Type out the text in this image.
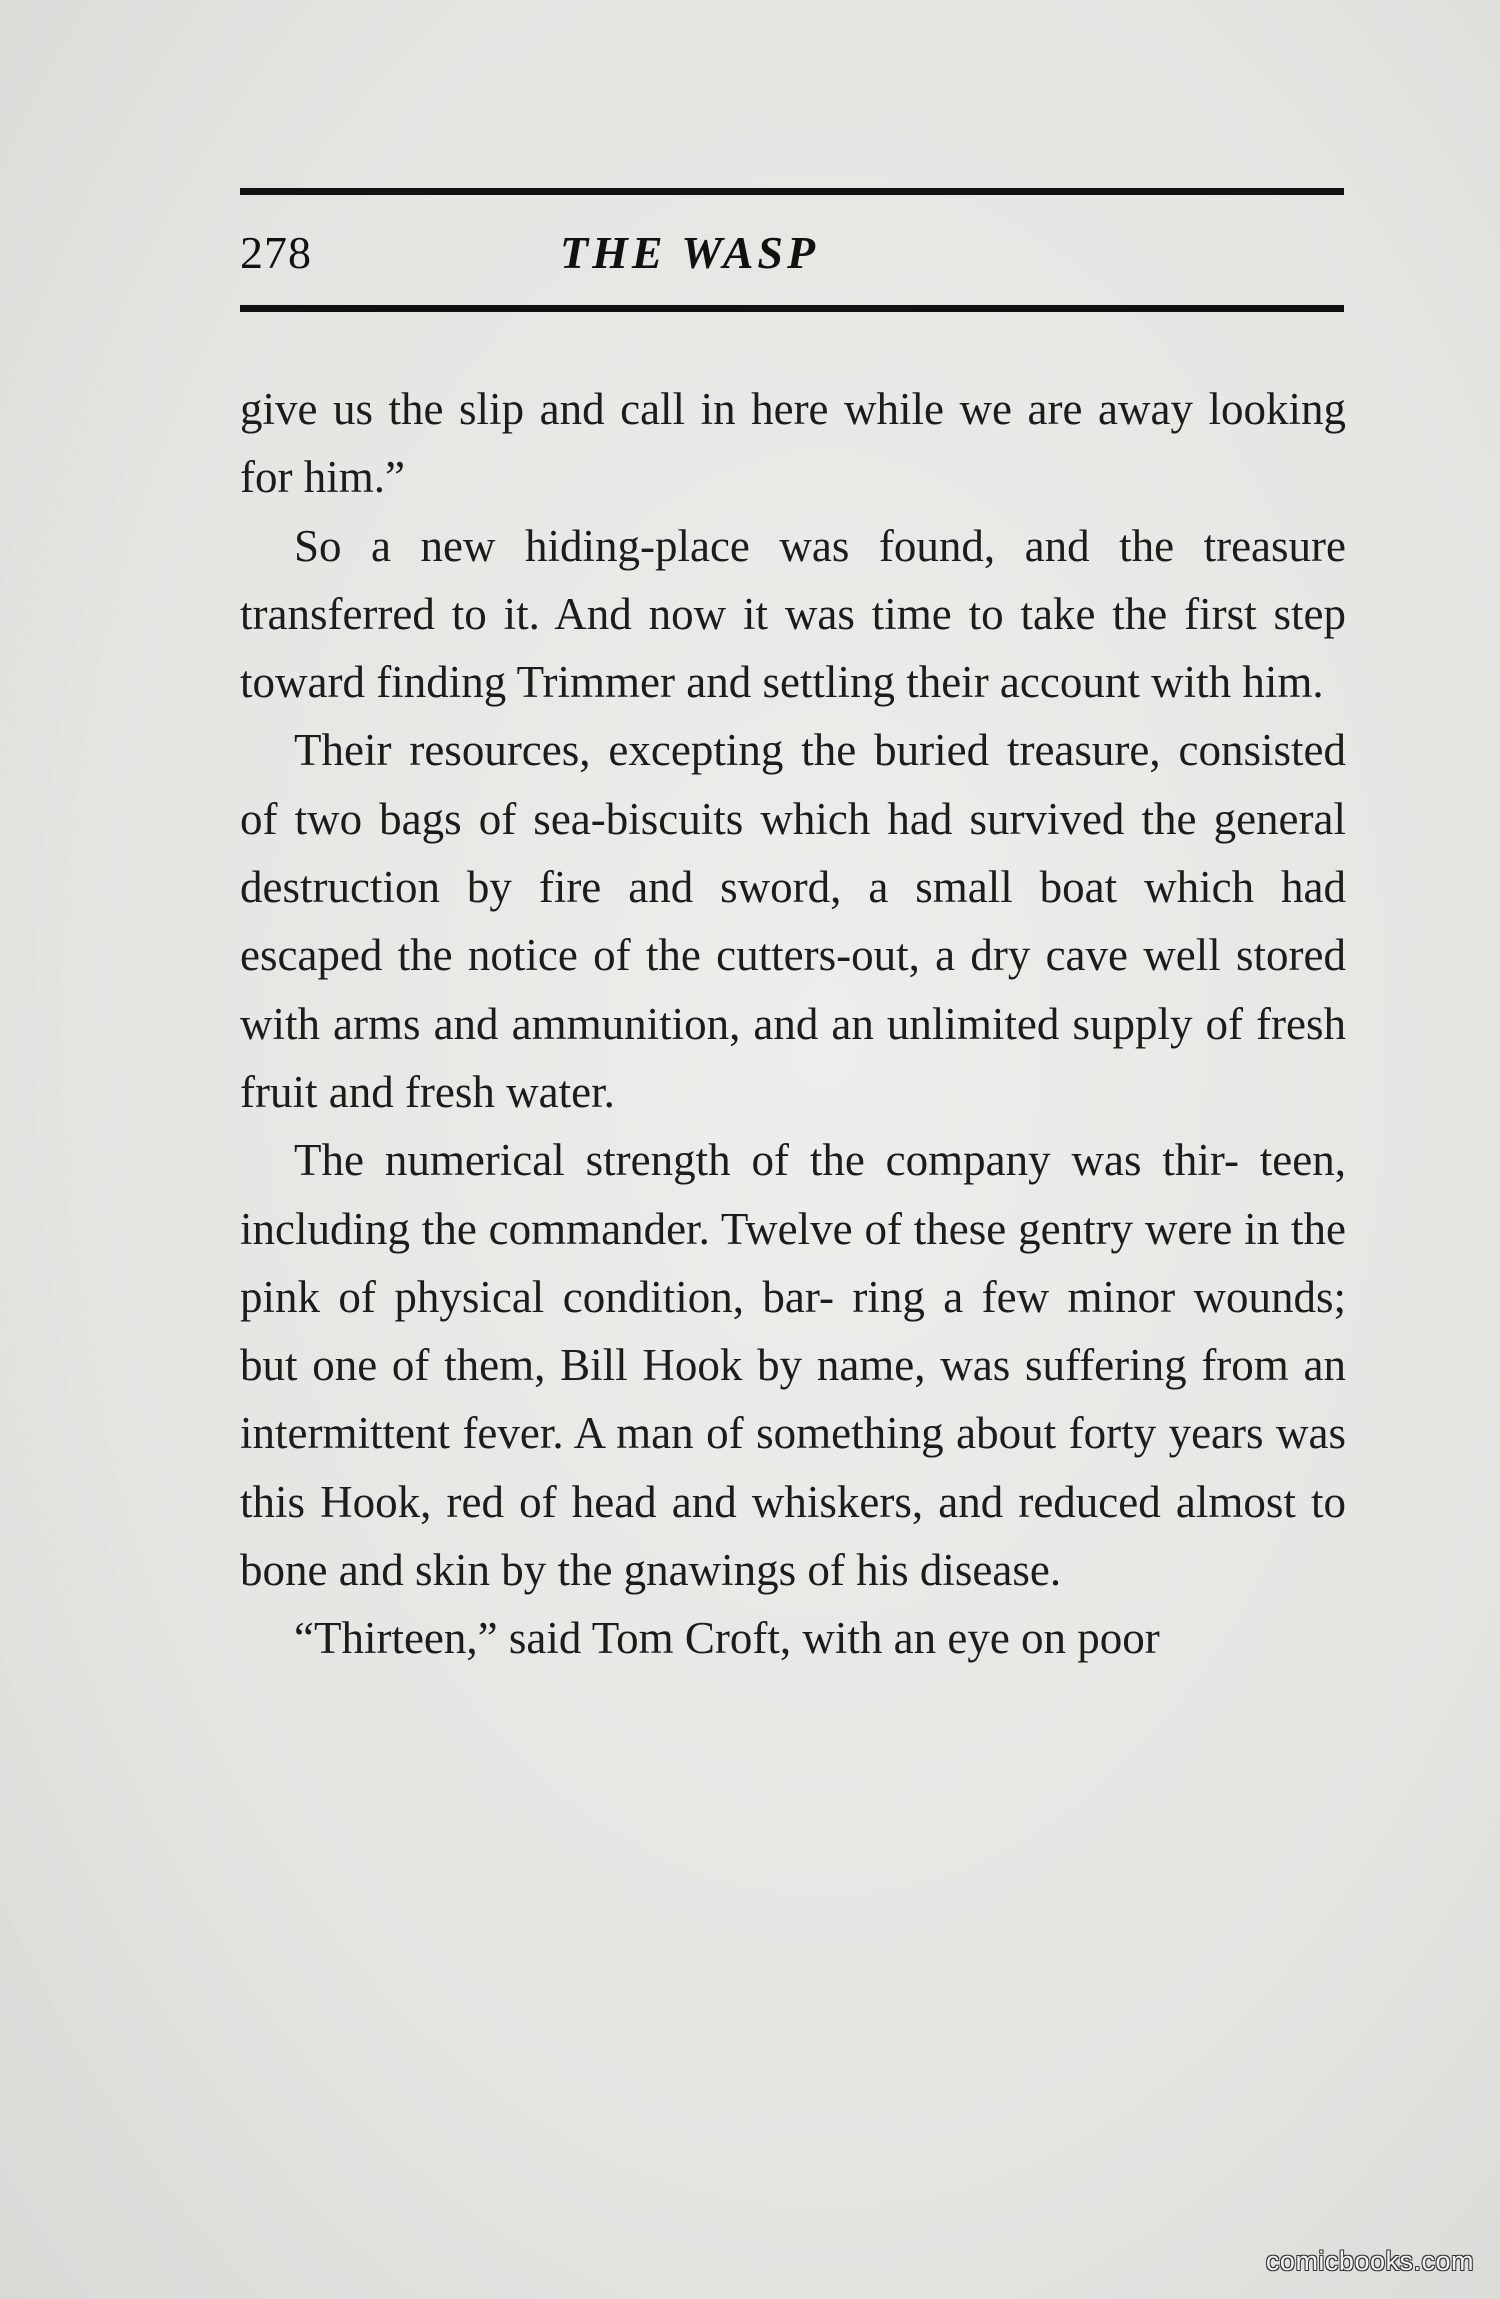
278	THE WASP

give us the slip and call in here while we are away looking for him.”

So a new hiding-place was found, and the treasure transferred to it. And now it was time to take the first step toward finding Trimmer and settling their account with him.

Their resources, excepting the buried treasure, consisted of two bags of sea-biscuits which had survived the general destruction by fire and sword, a small boat which had escaped the notice of the cutters-out, a dry cave well stored with arms and ammunition, and an unlimited supply of fresh fruit and fresh water.

The numerical strength of the company was thir- teen, including the commander. Twelve of these gentry were in the pink of physical condition, bar- ring a few minor wounds; but one of them, Bill Hook by name, was suffering from an intermittent fever. A man of something about forty years was this Hook, red of head and whiskers, and reduced almost to bone and skin by the gnawings of his disease.

“Thirteen,” said Tom Croft, with an eye on poor

comicbooks.com
